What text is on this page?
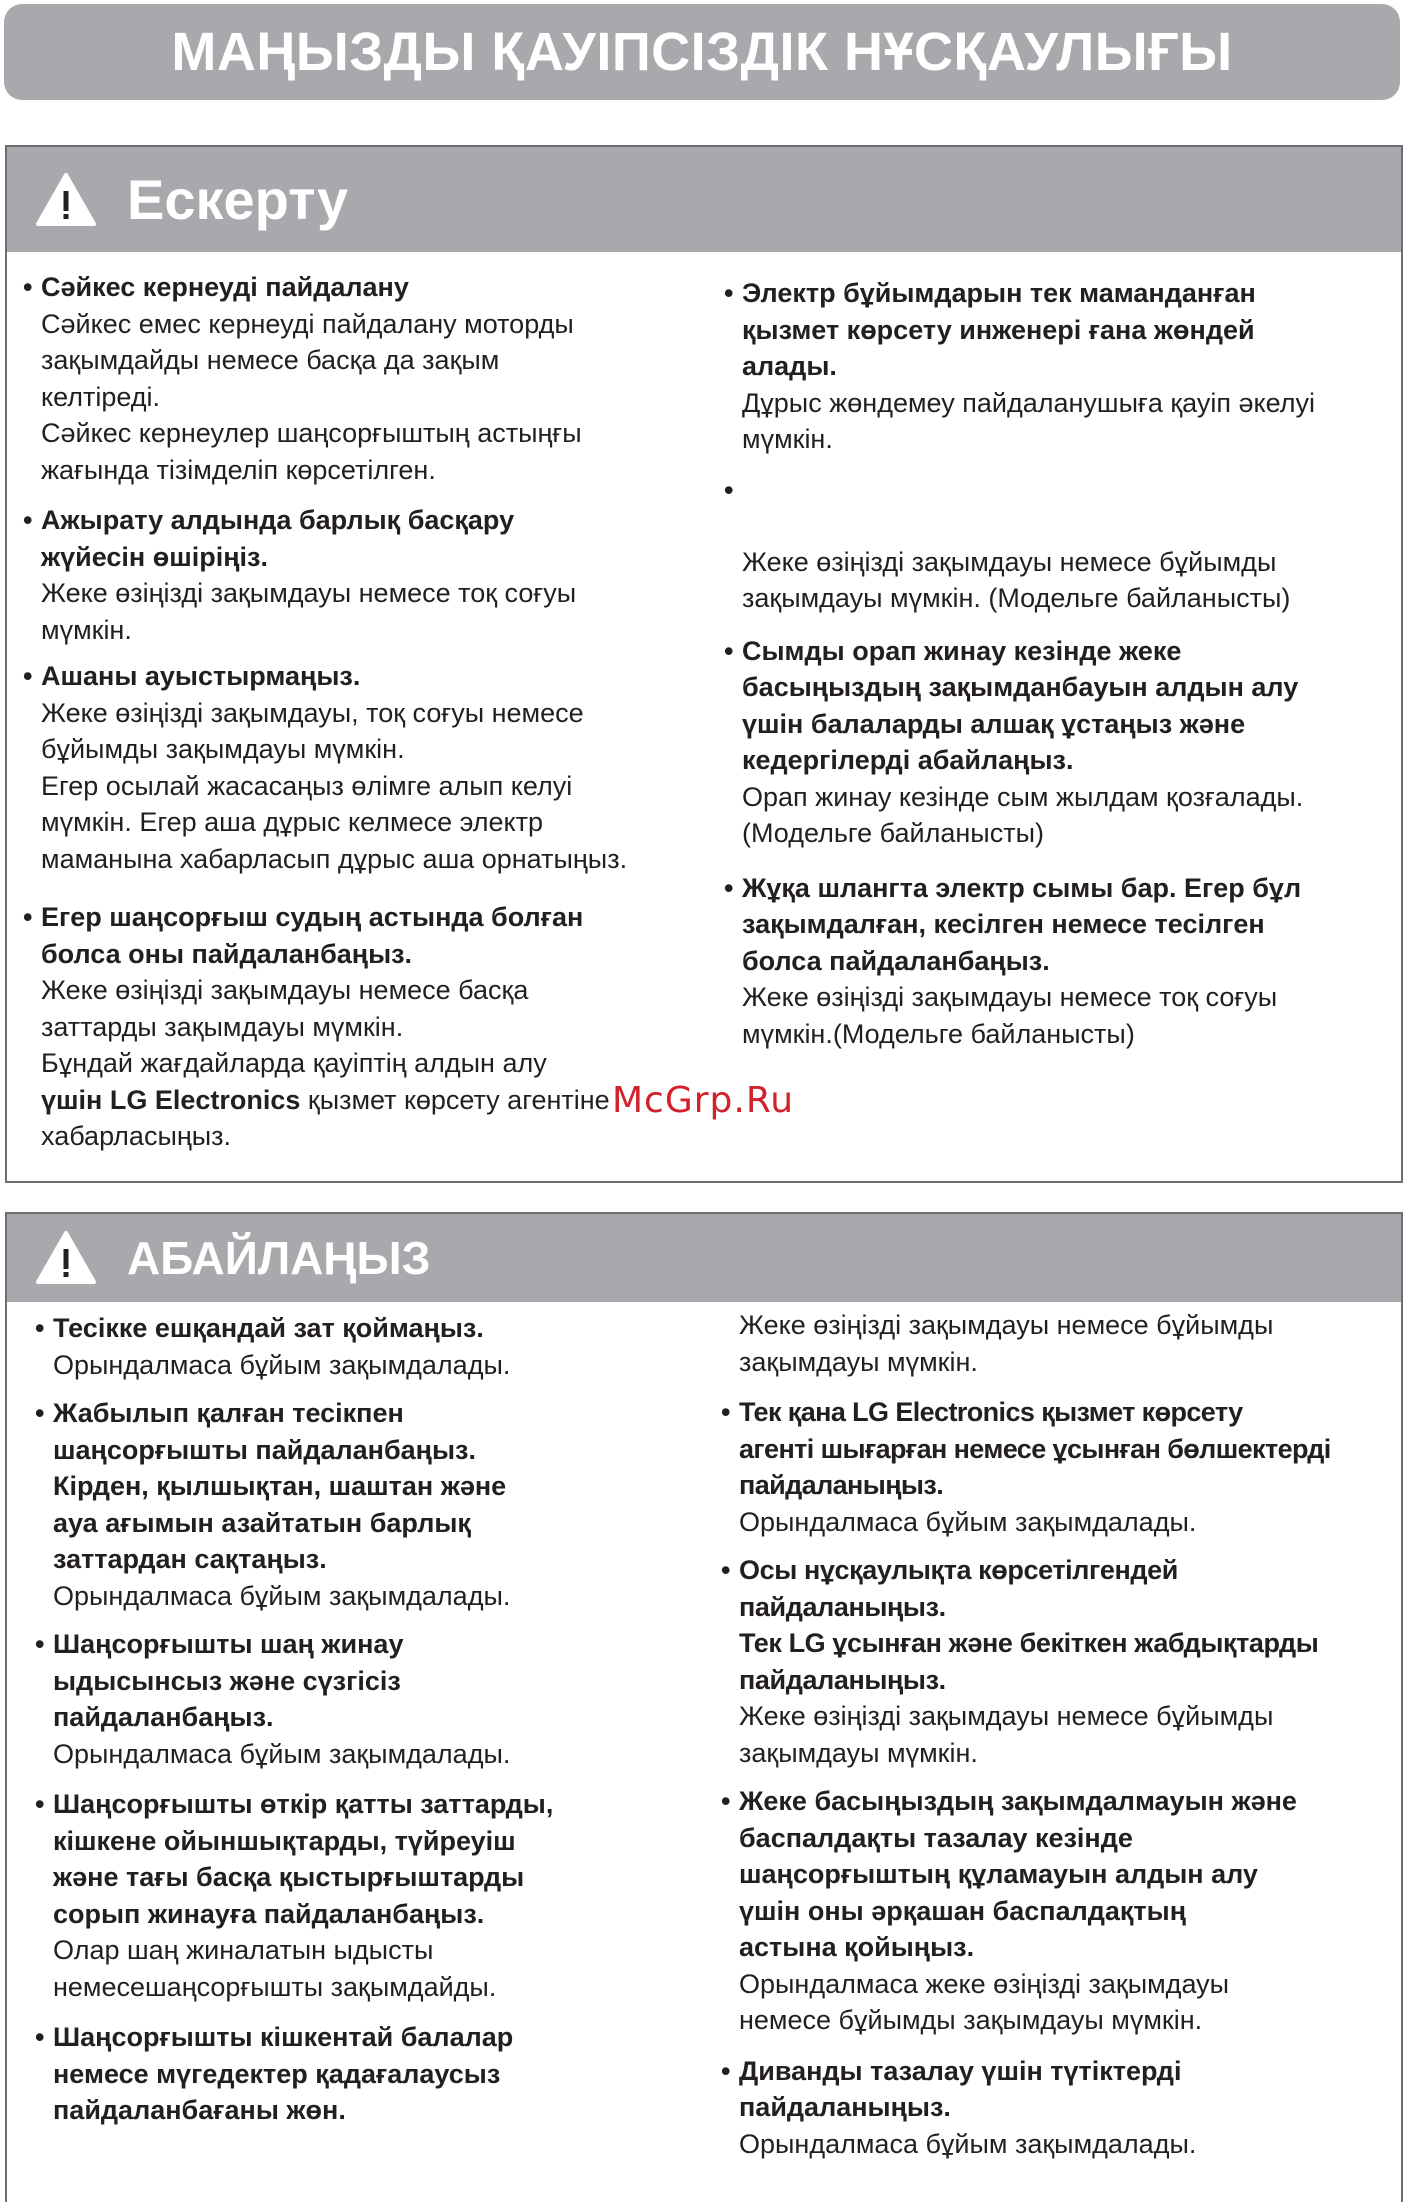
МАҢЫЗДЫ ҚАУІПСІЗДІК НҰСҚАУЛЫҒЫ
Ескерту
• Сәйкес кернеуді пайдалану
Сәйкес емес кернеуді пайдалану моторды
зақымдайды немесе басқа да зақым
келтіреді.
Сәйкес кернеулер шаңсорғыштың астыңғы
жағында тізімделіп көрсетілген.
• Ажырату алдында барлық басқару
жүйесін өшіріңіз.
Жеке өзіңізді зақымдауы немесе тоқ соғуы
мүмкін.
• Ашаны ауыстырмаңыз.
Жеке өзіңізді зақымдауы, тоқ соғуы немесе
бұйымды зақымдауы мүмкін.
Егер осылай жасасаңыз өлімге алып келуі
мүмкін. Егер аша дұрыс келмесе электр
маманына хабарласып дұрыс аша орнатыңыз.
• Егер шаңсорғыш судың астында болған
болса оны пайдаланбаңыз.
Жеке өзіңізді зақымдауы немесе басқа
заттарды зақымдауы мүмкін.
Бұндай жағдайларда қауіптің алдын алу
үшін LG Electronics қызмет көрсету агентіне
хабарласыңыз.
• Электр бұйымдарын тек маманданған
қызмет көрсету инженері ғана жөндей
алады.
Дұрыс жөндемеу пайдаланушыға қауіп әкелуі
мүмкін.
•
Жеке өзіңізді зақымдауы немесе бұйымды
зақымдауы мүмкін. (Модельге байланысты)
• Сымды орап жинау кезінде жеке
басыңыздың зақымданбауын алдын алу
үшін балаларды алшақ ұстаңыз және
кедергілерді абайлаңыз.
Орап жинау кезінде сым жылдам қозғалады.
(Модельге байланысты)
• Жұқа шлангта электр сымы бар. Егер бұл
зақымдалған, кесілген немесе тесілген
болса пайдаланбаңыз.
Жеке өзіңізді зақымдауы немесе тоқ соғуы
мүмкін.(Модельге байланысты)
McGrp.Ru
АБАЙЛАҢЫЗ
• Тесікке ешқандай зат қоймаңыз.
Орындалмаса бұйым зақымдалады.
• Жабылып қалған тесікпен
шаңсорғышты пайдаланбаңыз.
Кірден, қылшықтан, шаштан және
ауа ағымын азайтатын барлық
заттардан сақтаңыз.
Орындалмаса бұйым зақымдалады.
• Шаңсорғышты шаң жинау
ыдысынсыз және сүзгісіз
пайдаланбаңыз.
Орындалмаса бұйым зақымдалады.
• Шаңсорғышты өткір қатты заттарды,
кішкене ойыншықтарды, түйреуіш
және тағы басқа қыстырғыштарды
сорып жинауға пайдаланбаңыз.
Олар шаң жиналатын ыдысты
немесешаңсорғышты зақымдайды.
• Шаңсорғышты кішкентай балалар
немесе мүгедектер қадағалаусыз
пайдаланбағаны жөн.
Жеке өзіңізді зақымдауы немесе бұйымды
зақымдауы мүмкін.
• Тек қана LG Electronics қызмет көрсету
агенті шығарған немесе ұсынған бөлшектерді
пайдаланыңыз.
Орындалмаса бұйым зақымдалады.
• Осы нұсқаулықта көрсетілгендей
пайдаланыңыз.
Тек LG ұсынған және бекіткен жабдықтарды
пайдаланыңыз.
Жеке өзіңізді зақымдауы немесе бұйымды
зақымдауы мүмкін.
• Жеке басыңыздың зақымдалмауын және
баспалдақты тазалау кезінде
шаңсорғыштың құламауын алдын алу
үшін оны әрқашан баспалдақтың
астына қойыңыз.
Орындалмаса жеке өзіңізді зақымдауы
немесе бұйымды зақымдауы мүмкін.
• Диванды тазалау үшін түтіктерді
пайдаланыңыз.
Орындалмаса бұйым зақымдалады.
